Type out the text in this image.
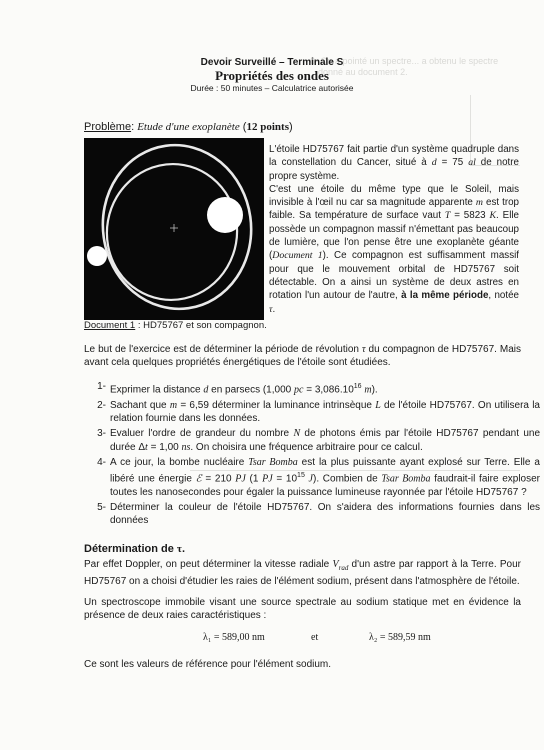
6- On a pointé un spectre... a obtenu le spectre
donné au document 2.
Devoir Surveillé – Terminale S
Propriétés des ondes
Durée : 50 minutes – Calculatrice autorisée
Problème: Etude d'une exoplanète (12 points)
Document 1 : HD75767 et son compagnon.
L'étoile HD75767 fait partie d'un système quadruple dans la constellation du Cancer, situé à d = 75 al de notre propre système.
C'est une étoile du même type que le Soleil, mais invisible à l'œil nu car sa magnitude apparente m est trop faible. Sa température de surface vaut T = 5823 K. Elle possède un compagnon massif n'émettant pas beaucoup de lumière, que l'on pense être une exoplanète géante (Document 1). Ce compagnon est suffisamment massif pour que le mouvement orbital de HD75767 soit détectable. On a ainsi un système de deux astres en rotation l'un autour de l'autre, à la même période, notée τ.
Le but de l'exercice est de déterminer la période de révolution τ du compagnon de HD75767. Mais avant cela quelques propriétés énergétiques de l'étoile sont étudiées.
1- Exprimer la distance d en parsecs (1,000 pc = $3,086.10^{16}$ m).
2- Sachant que m = 6,59 déterminer la luminance intrinsèque L de l'étoile HD75767. On utilisera la relation fournie dans les données.
3- Evaluer l'ordre de grandeur du nombre N de photons émis par l'étoile HD75767 pendant une durée Δt = 1,00 ns. On choisira une fréquence arbitraire pour ce calcul.
4- A ce jour, la bombe nucléaire Tsar Bomba est la plus puissante ayant explosé sur Terre. Elle a libéré une énergie ℰ = 210 PJ (1 PJ = $10^{15}$ J). Combien de Tsar Bomba faudrait-il faire exploser toutes les nanosecondes pour égaler la puissance lumineuse rayonnée par l'étoile HD75767 ?
5- Déterminer la couleur de l'étoile HD75767. On s'aidera des informations fournies dans les données
Détermination de τ.
Par effet Doppler, on peut déterminer la vitesse radiale $V_{rad}$ d'un astre par rapport à la Terre. Pour HD75767 on a choisi d'étudier les raies de l'élément sodium, présent dans l'atmosphère de l'étoile.
Un spectroscope immobile visant une source spectrale au sodium statique met en évidence la présence de deux raies caractéristiques :
λ₁ = 589,00 nm	et	λ₂ = 589,59 nm
Ce sont les valeurs de référence pour l'élément sodium.
